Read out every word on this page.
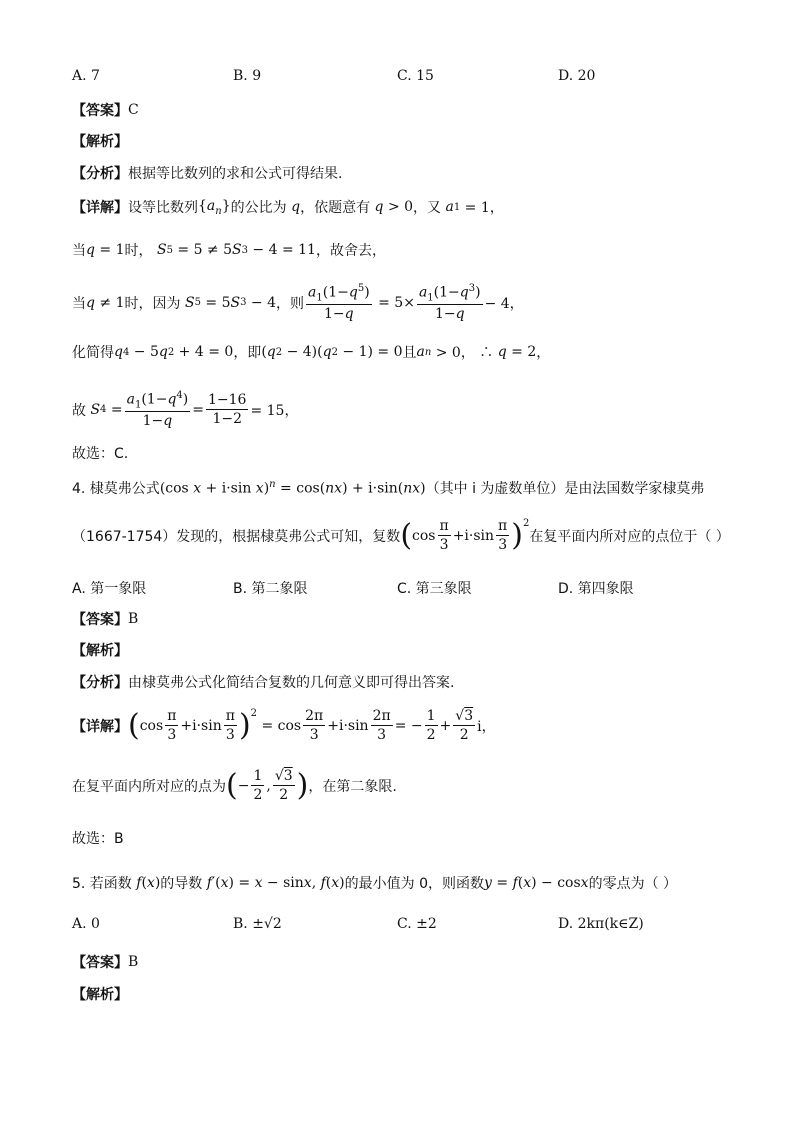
A. 7	B. 9	C. 15	D. 20
【答案】 C
【解析】
【分析】 根据等比数列的求和公式可得结果.
【详解】 设等比数列 $\{a_n\}$ 的公比为
q ，依题意有
q > 0 ，又
a 1 = 1，
当 q = 1 时，
S 5 = 5 ≠ 5 S 3 − 4 = 11 ，故舍去，
当 q ≠ 1 时，因为
S 5 = 5 S 3 − 4 ，则 $\frac{a_1(1-q^5)}{1-q} = 5\times \frac{a_1(1-q^3)}{1-q} - 4$，
化简得 q 4 − 5 q 2 + 4 = 0 ，即 ( q 2 − 4)( q 2 − 1) = 0 且 a n > 0， ∴ q = 2 ，
故
S $4 = \frac{a_1(1-q^4)}{1-q} = \frac{1-16}{1-2} = 15$，
故选：C.
4. 棣莫弗公式 (cos x + i·sin x)$^n$ = cos(nx) + i·sin(nx) （其中 i 为虚数单位）是由法国数学家棣莫弗
（1667-1754）发现的，根据棣莫弗公式可知，复数 ( $\cos \frac{\pi}{3} +i\cdot\sin \frac{\pi}{3} )^2$
在复平面内所对应的点位于（ ）
A. 第一象限	B. 第二象限	C. 第三象限	D. 第四象限
【答案】 B
【解析】
【分析】 由棣莫弗公式化简结合复数的几何意义即可得出答案.
【详解】 ( $\cos \frac{\pi}{3} +i\cdot\sin \frac{\pi}{3} )^2$
= $\cos \frac{2\pi}{3} +i\cdot\sin \frac{2\pi}{3}$ = − $\frac{1}{2} + \frac{√3}{2}$ i，
在复平面内所对应的点为 ( − $\frac{1}{2}$ , $\frac{√3}{2}$ ) ，在第二象限.
故选：B
5. 若函数 f(x) 的导数 f′(x) = x − sinx, f(x) 的最小值为 0，则函数 y = f(x) − cosx 的零点为（ ）
A. 0	B. ±√2	C. ±2	D. 2kπ(k∈Z)
【答案】 B
【解析】
